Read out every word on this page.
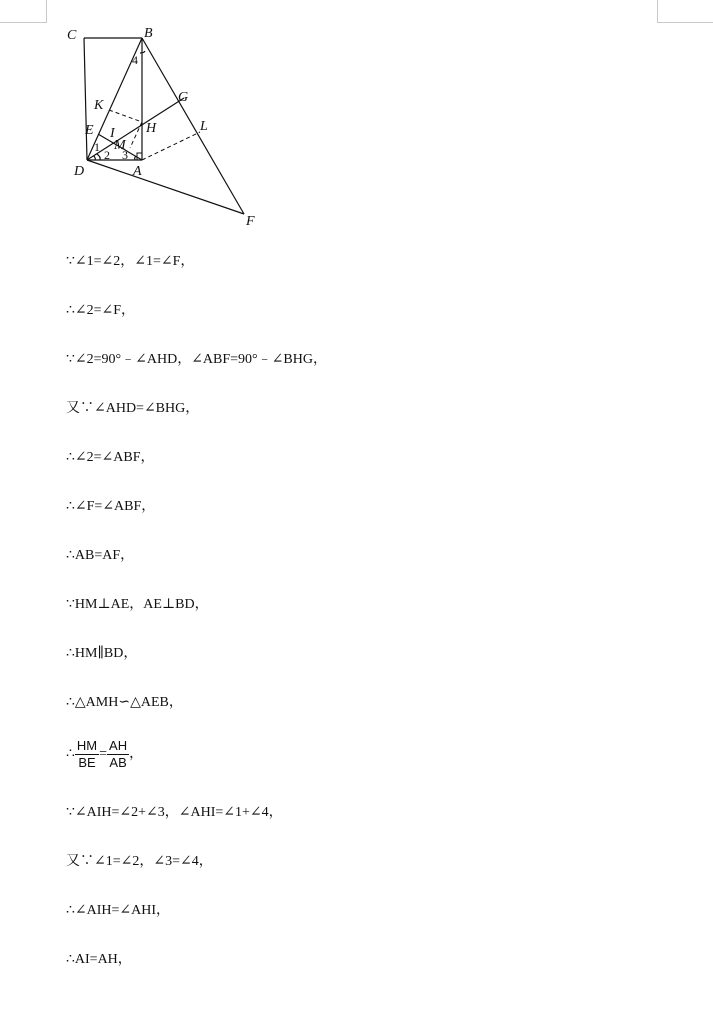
C	B
K
G
E I H	L
M
D	A
F
1
2 3
4
∵∠1=∠2，∠1=∠F，
∴∠2=∠F，
∵∠2=90°﹣∠AHD，∠ABF=90°﹣∠BHG，
又∵∠AHD=∠BHG，
∴∠2=∠ABF，
∴∠F=∠ABF，
∴AB=AF，
∵HM⊥AE，AE⊥BD，
∴HM∥BD，
∴△AMH∽△AEB，
∴ $\frac{HM}{BE} = \frac{AH}{AB}$ ，
∵∠AIH=∠2+∠3，∠AHI=∠1+∠4，
又∵∠1=∠2，∠3=∠4，
∴∠AIH=∠AHI，
∴AI=AH，
